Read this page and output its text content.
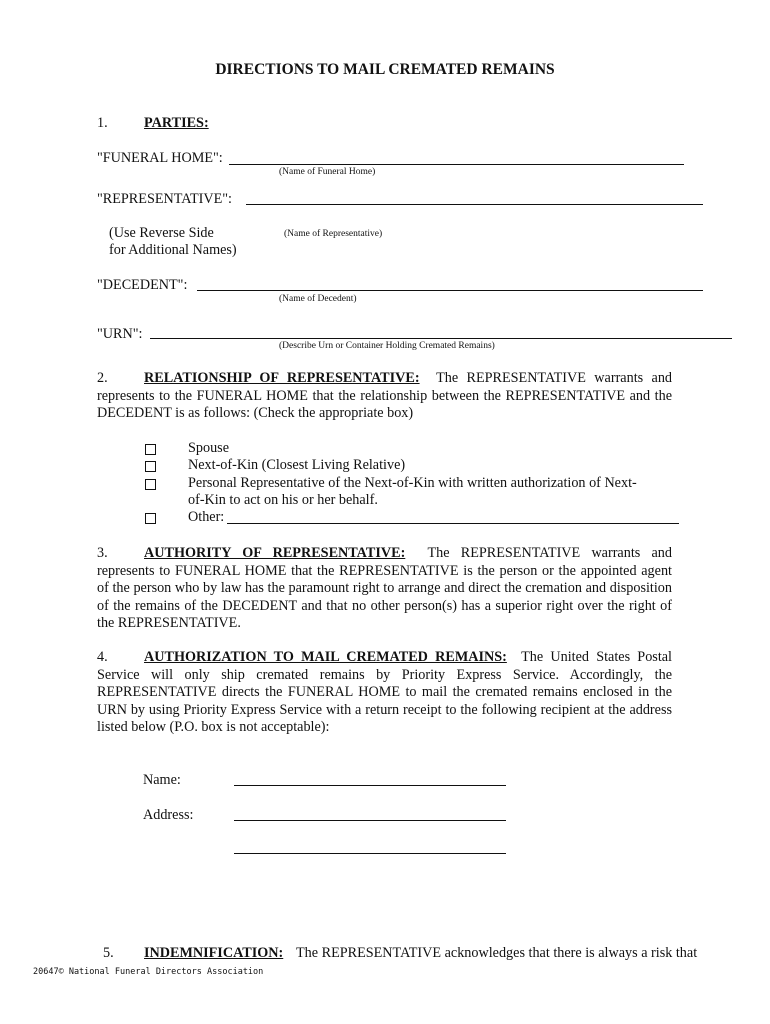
DIRECTIONS TO MAIL CREMATED REMAINS
1.	PARTIES:
"FUNERAL HOME":
(Name of Funeral Home)
"REPRESENTATIVE":
(Use Reverse Side
for Additional Names)
(Name of Representative)
"DECEDENT":
(Name of Decedent)
"URN":
(Describe Urn or Container Holding Cremated Remains)
2.	RELATIONSHIP OF REPRESENTATIVE: The REPRESENTATIVE warrants and represents to the FUNERAL HOME that the relationship between the REPRESENTATIVE and the DECEDENT is as follows: (Check the appropriate box)
Spouse
Next-of-Kin (Closest Living Relative)
Personal Representative of the Next-of-Kin with written authorization of Next-
of-Kin to act on his or her behalf.
Other:
3.	AUTHORITY OF REPRESENTATIVE: The REPRESENTATIVE warrants and represents to FUNERAL HOME that the REPRESENTATIVE is the person or the appointed agent of the person who by law has the paramount right to arrange and direct the cremation and disposition of the remains of the DECEDENT and that no other person(s) has a superior right over the right of the REPRESENTATIVE.
4.	AUTHORIZATION TO MAIL CREMATED REMAINS: The United States Postal Service will only ship cremated remains by Priority Express Service. Accordingly, the REPRESENTATIVE directs the FUNERAL HOME to mail the cremated remains enclosed in the URN by using Priority Express Service with a return receipt to the following recipient at the address listed below (P.O. box is not acceptable):
Name:
Address:
5. INDEMNIFICATION: The REPRESENTATIVE acknowledges that there is always a risk that
20647© National Funeral Directors Association
